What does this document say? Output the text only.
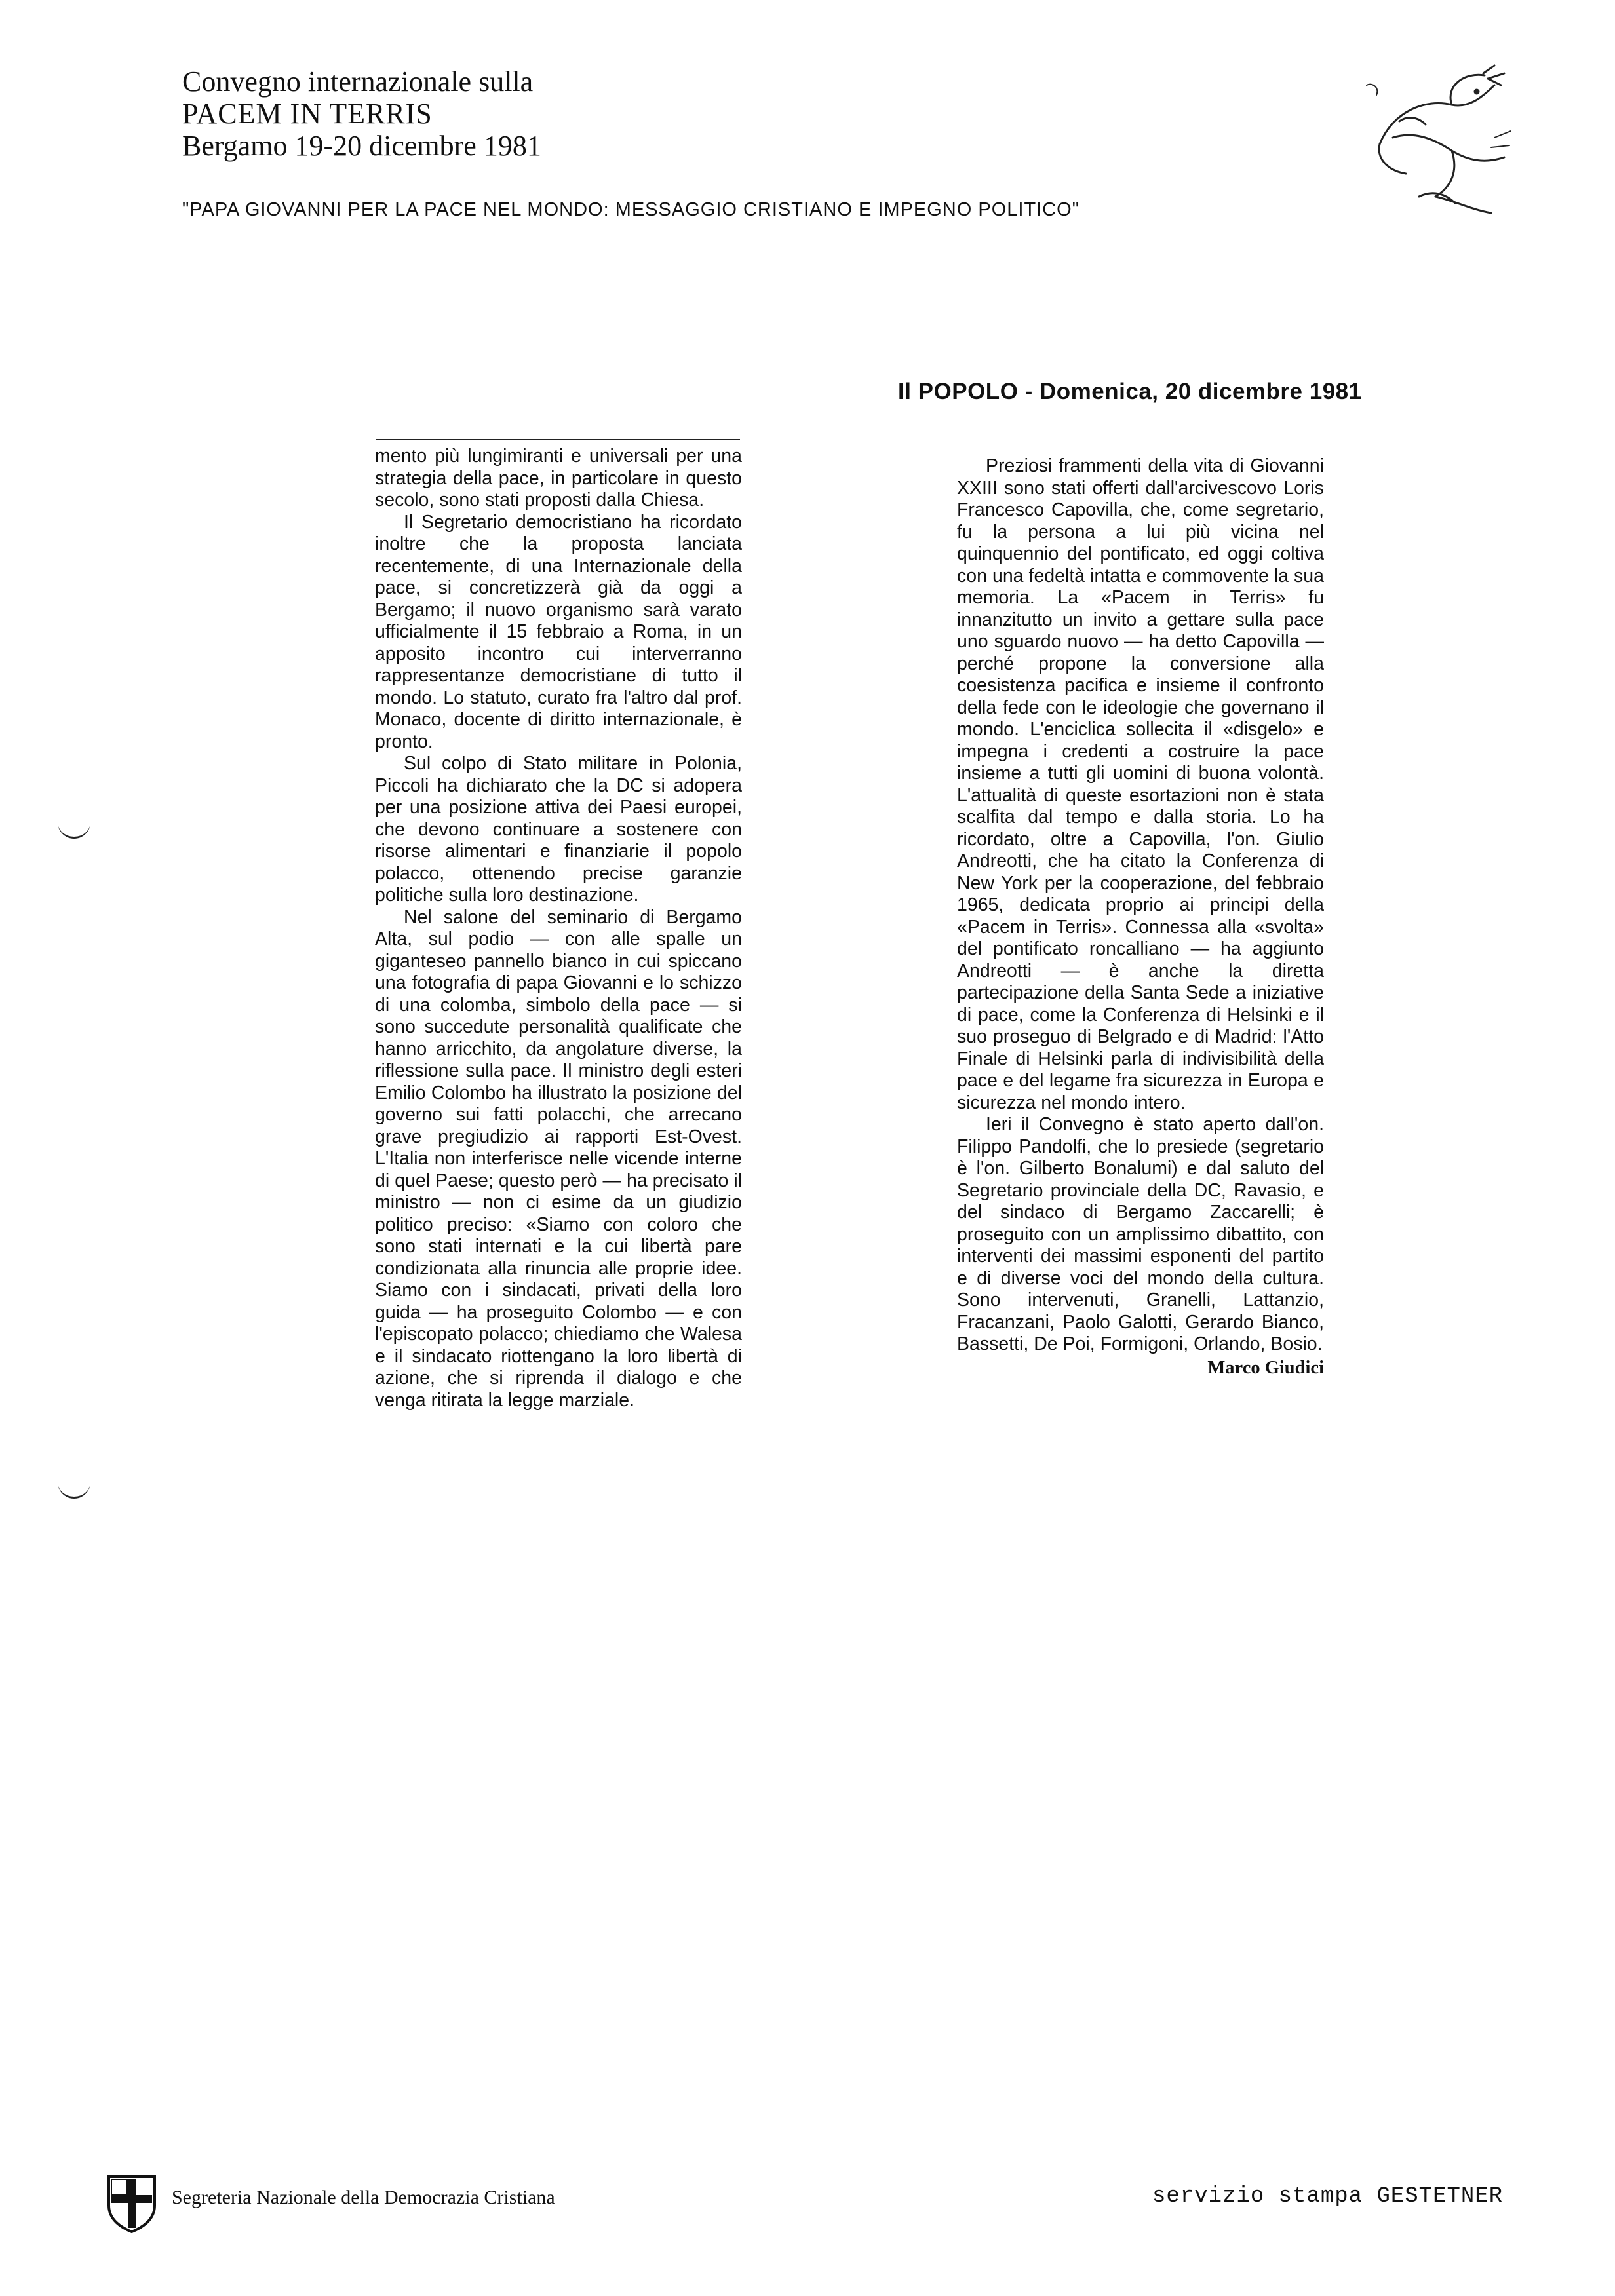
Convegno internazionale sulla
PACEM IN TERRIS
Bergamo 19-20 dicembre 1981
"PAPA GIOVANNI PER LA PACE NEL MONDO: MESSAGGIO CRISTIANO E IMPEGNO POLITICO"
Il POPOLO - Domenica, 20 dicembre 1981

mento più lungimiranti e universali per una strategia della pace, in particolare in questo secolo, sono stati proposti dalla Chiesa.

Il Segretario democristiano ha ricordato inoltre che la proposta lanciata recentemente, di una Internazionale della pace, si concretizzerà già da oggi a Bergamo; il nuovo organismo sarà varato ufficialmente il 15 febbraio a Roma, in un apposito incontro cui interverranno rappresentanze democristiane di tutto il mondo. Lo statuto, curato fra l'altro dal prof. Monaco, docente di diritto internazionale, è pronto.

Sul colpo di Stato militare in Polonia, Piccoli ha dichiarato che la DC si adopera per una posizione attiva dei Paesi europei, che devono continuare a sostenere con risorse alimentari e finanziarie il popolo polacco, ottenendo precise garanzie politiche sulla loro destinazione.

Nel salone del seminario di Bergamo Alta, sul podio — con alle spalle un giganteseo pannello bianco in cui spiccano una fotografia di papa Giovanni e lo schizzo di una colomba, simbolo della pace — si sono succedute personalità qualificate che hanno arricchito, da angolature diverse, la riflessione sulla pace. Il ministro degli esteri Emilio Colombo ha illustrato la posizione del governo sui fatti polacchi, che arrecano grave pregiudizio ai rapporti Est-Ovest. L'Italia non interferisce nelle vicende interne di quel Paese; questo però — ha precisato il ministro — non ci esime da un giudizio politico preciso: «Siamo con coloro che sono stati internati e la cui libertà pare condizionata alla rinuncia alle proprie idee. Siamo con i sindacati, privati della loro guida — ha proseguito Colombo — e con l'episcopato polacco; chiediamo che Walesa e il sindacato riottengano la loro libertà di azione, che si riprenda il dialogo e che venga ritirata la legge marziale.

Preziosi frammenti della vita di Giovanni XXIII sono stati offerti dall'arcivescovo Loris Francesco Capovilla, che, come segretario, fu la persona a lui più vicina nel quinquennio del pontificato, ed oggi coltiva con una fedeltà intatta e commovente la sua memoria. La «Pacem in Terris» fu innanzitutto un invito a gettare sulla pace uno sguardo nuovo — ha detto Capovilla — perché propone la conversione alla coesistenza pacifica e insieme il confronto della fede con le ideologie che governano il mondo. L'enciclica sollecita il «disgelo» e impegna i credenti a costruire la pace insieme a tutti gli uomini di buona volontà. L'attualità di queste esortazioni non è stata scalfita dal tempo e dalla storia. Lo ha ricordato, oltre a Capovilla, l'on. Giulio Andreotti, che ha citato la Conferenza di New York per la cooperazione, del febbraio 1965, dedicata proprio ai principi della «Pacem in Terris». Connessa alla «svolta» del pontificato roncalliano — ha aggiunto Andreotti — è anche la diretta partecipazione della Santa Sede a iniziative di pace, come la Conferenza di Helsinki e il suo proseguo di Belgrado e di Madrid: l'Atto Finale di Helsinki parla di indivisibilità della pace e del legame fra sicurezza in Europa e sicurezza nel mondo intero.

Ieri il Convegno è stato aperto dall'on. Filippo Pandolfi, che lo presiede (segretario è l'on. Gilberto Bonalumi) e dal saluto del Segretario provinciale della DC, Ravasio, e del sindaco di Bergamo Zaccarelli; è proseguito con un amplissimo dibattito, con interventi dei massimi esponenti del partito e di diverse voci del mondo della cultura. Sono intervenuti, Granelli, Lattanzio, Fracanzani, Paolo Galotti, Gerardo Bianco, Bassetti, De Poi, Formigoni, Orlando, Bosio.

Marco Giudici
Segreteria Nazionale della Democrazia Cristiana	servizio stampa GESTETNER
